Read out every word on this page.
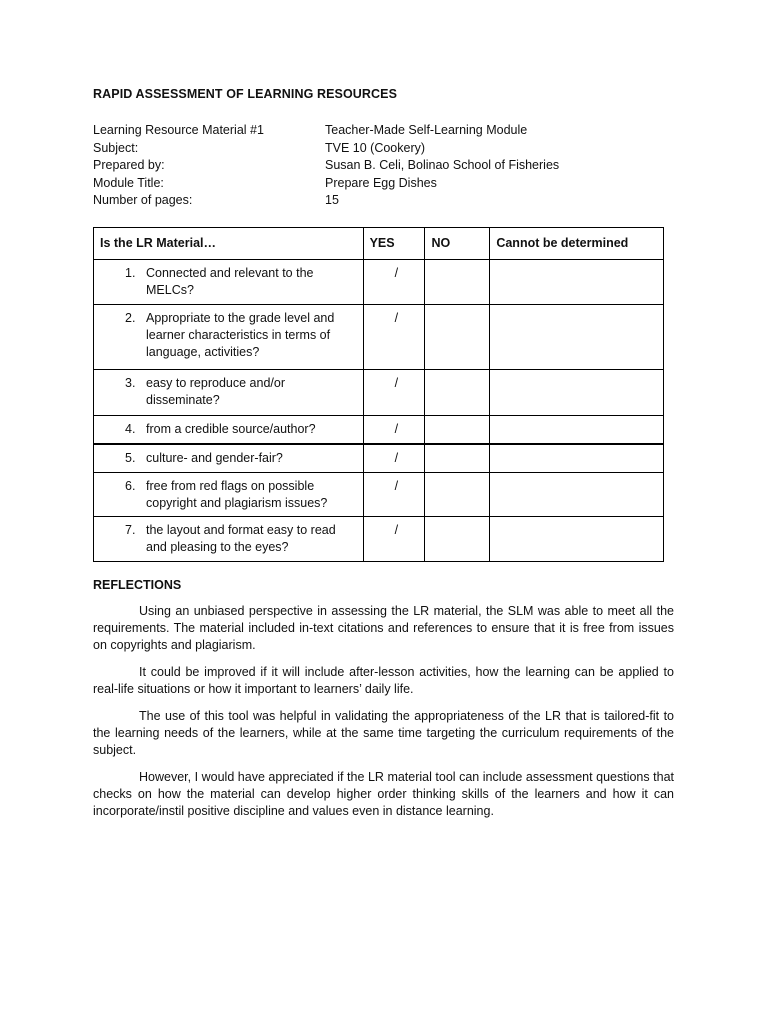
RAPID ASSESSMENT OF LEARNING RESOURCES
Learning Resource Material #1	Teacher-Made Self-Learning Module
Subject:	TVE 10 (Cookery)
Prepared by:	Susan B. Celi, Bolinao School of Fisheries
Module Title:	Prepare Egg Dishes
Number of pages:	15
Is the LR Material…	YES	NO	Cannot be determined

1. Connected and relevant to the MELCs?	/		

2. Appropriate to the grade level and learner characteristics in terms of language, activities?	/		

3. easy to reproduce and/or disseminate?	/		

4. from a credible source/author?	/		

5. culture- and gender-fair?	/		

6. free from red flags on possible copyright and plagiarism issues?	/		

7. the layout and format easy to read and pleasing to the eyes?	/		
REFLECTIONS

Using an unbiased perspective in assessing the LR material, the SLM was able to meet all the requirements. The material included in-text citations and references to ensure that it is free from issues on copyrights and plagiarism.

It could be improved if it will include after-lesson activities, how the learning can be applied to real-life situations or how it important to learners’ daily life.

The use of this tool was helpful in validating the appropriateness of the LR that is tailored-fit to the learning needs of the learners, while at the same time targeting the curriculum requirements of the subject.

However, I would have appreciated if the LR material tool can include assessment questions that checks on how the material can develop higher order thinking skills of the learners and how it can incorporate/instil positive discipline and values even in distance learning.
